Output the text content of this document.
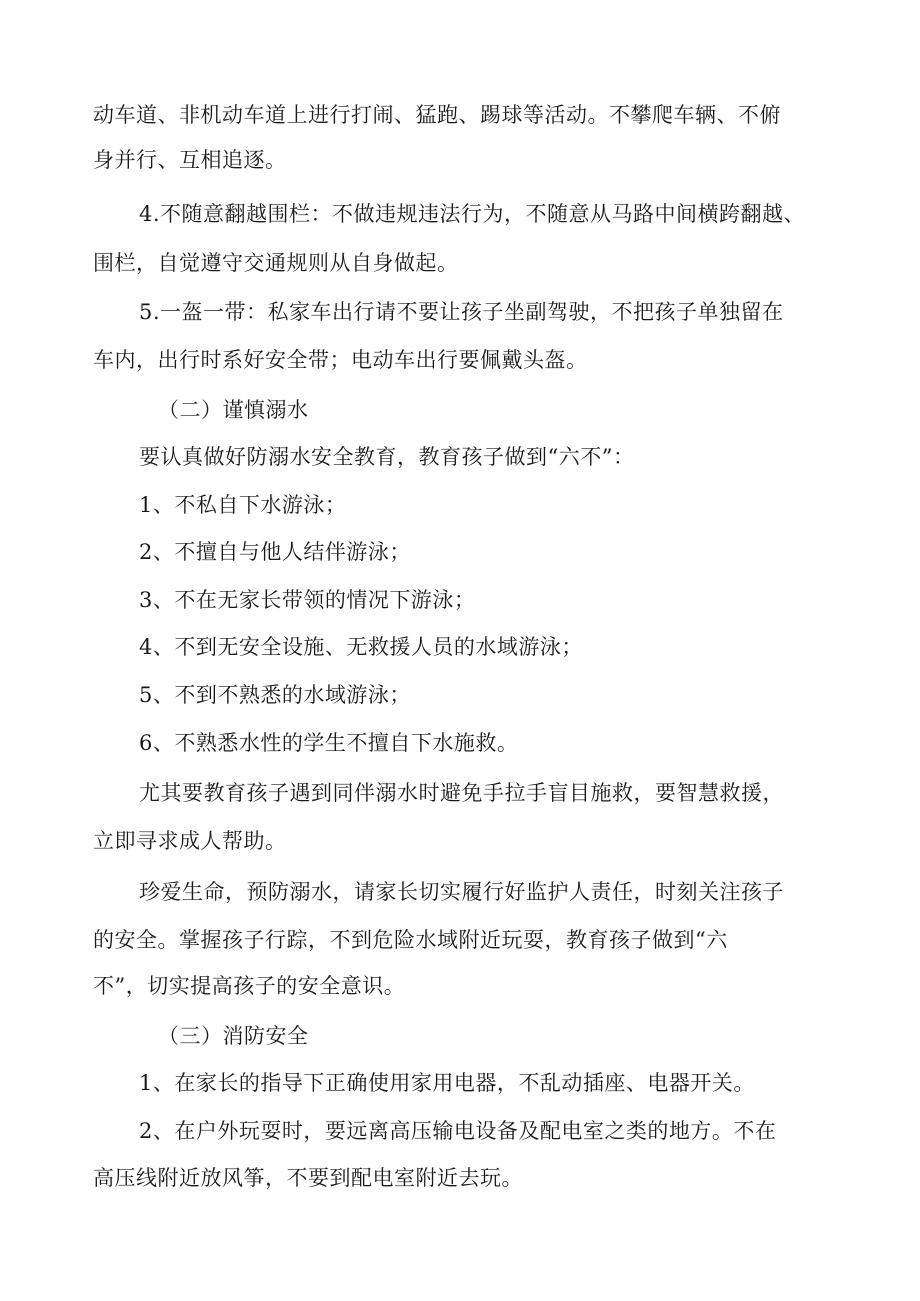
动车道、非机动车道上进行打闹、猛跑、踢球等活动。不攀爬车辆、不俯
身并行、互相追逐。
4.不随意翻越围栏：不做违规违法行为，不随意从马路中间横跨翻越、
围栏，自觉遵守交通规则从自身做起。
5.一盔一带：私家车出行请不要让孩子坐副驾驶，不把孩子单独留在
车内，出行时系好安全带；电动车出行要佩戴头盔。
（二）谨慎溺水
要认真做好防溺水安全教育，教育孩子做到“六不”：
1、不私自下水游泳；
2、不擅自与他人结伴游泳；
3、不在无家长带领的情况下游泳；
4、不到无安全设施、无救援人员的水域游泳；
5、不到不熟悉的水域游泳；
6、不熟悉水性的学生不擅自下水施救。
尤其要教育孩子遇到同伴溺水时避免手拉手盲目施救，要智慧救援，
立即寻求成人帮助。
珍爱生命，预防溺水，请家长切实履行好监护人责任，时刻关注孩子
的安全。掌握孩子行踪，不到危险水域附近玩耍，教育孩子做到“六
不”，切实提高孩子的安全意识。
（三）消防安全
1、在家长的指导下正确使用家用电器，不乱动插座、电器开关。
2、在户外玩耍时，要远离高压输电设备及配电室之类的地方。不在
高压线附近放风筝，不要到配电室附近去玩。
